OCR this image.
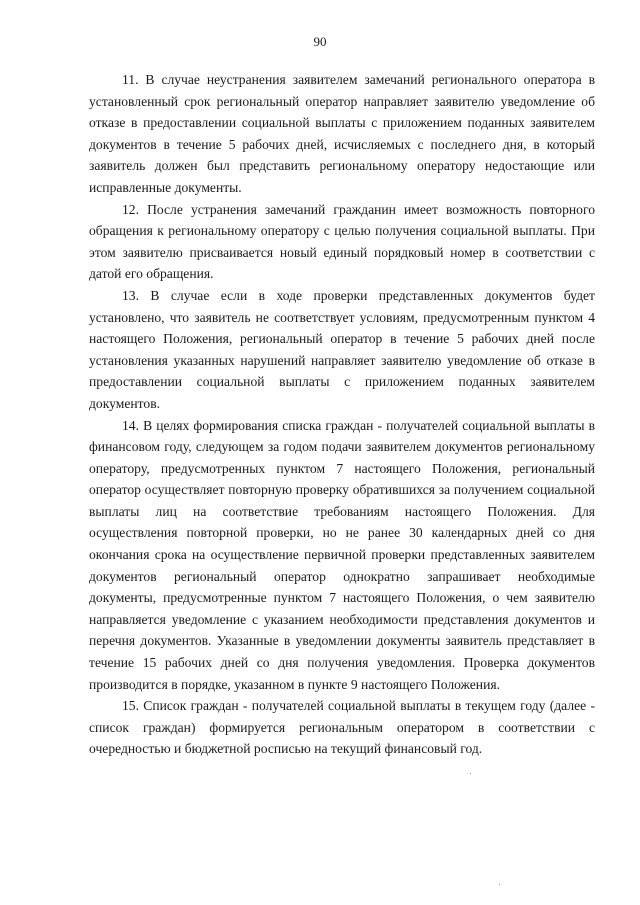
90

11. В случае неустранения заявителем замечаний регионального оператора в установленный срок региональный оператор направляет заявителю уведомление об отказе в предоставлении социальной выплаты с приложением поданных заявителем документов в течение 5 рабочих дней, исчисляемых с последнего дня, в который заявитель должен был представить региональному оператору недостающие или исправленные документы.

12. После устранения замечаний гражданин имеет возможность повторного обращения к региональному оператору с целью получения социальной выплаты. При этом заявителю присваивается новый единый порядковый номер в соответствии с датой его обращения.

13. В случае если в ходе проверки представленных документов будет установлено, что заявитель не соответствует условиям, предусмотренным пунктом 4 настоящего Положения, региональный оператор в течение 5 рабочих дней после установления указанных нарушений направляет заявителю уведомление об отказе в предоставлении социальной выплаты с приложением поданных заявителем документов.

14. В целях формирования списка граждан - получателей социальной выплаты в финансовом году, следующем за годом подачи заявителем документов региональному оператору, предусмотренных пунктом 7 настоящего Положения, региональный оператор осуществляет повторную проверку обратившихся за получением социальной выплаты лиц на соответствие требованиям настоящего Положения. Для осуществления повторной проверки, но не ранее 30 календарных дней со дня окончания срока на осуществление первичной проверки представленных заявителем документов региональный оператор однократно запрашивает необходимые документы, предусмотренные пунктом 7 настоящего Положения, о чем заявителю направляется уведомление с указанием необходимости представления документов и перечня документов. Указанные в уведомлении документы заявитель представляет в течение 15 рабочих дней со дня получения уведомления. Проверка документов производится в порядке, указанном в пункте 9 настоящего Положения.

15. Список граждан - получателей социальной выплаты в текущем году (далее - список граждан) формируется региональным оператором в соответствии с очередностью и бюджетной росписью на текущий финансовый год.
